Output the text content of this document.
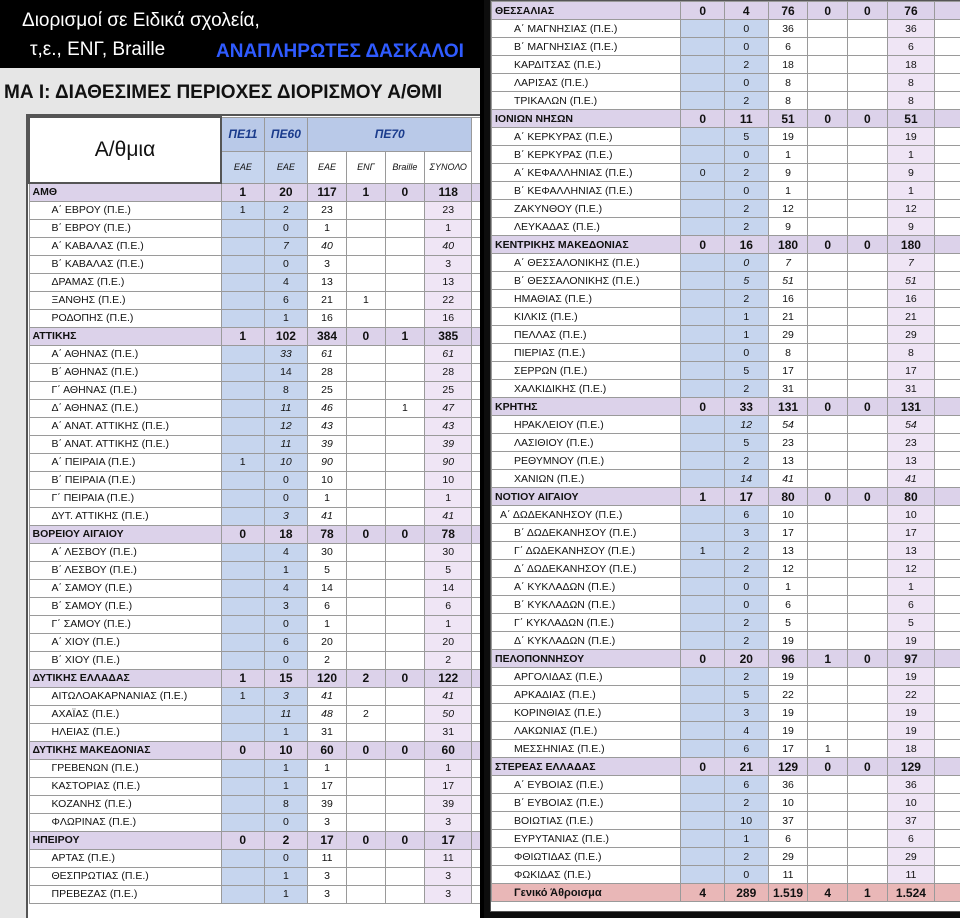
Διορισμοί σε Ειδικά σχολεία,
τ,ε., ΕΝΓ, Braille	ΑΝΑΠΛΗΡΩΤΕΣ ΔΑΣΚΑΛΟΙ
ΜΑ Ι: ΔΙΑΘΕΣΙΜΕΣ ΠΕΡΙΟΧΕΣ ΔΙΟΡΙΣΜΟΥ Α/ΘΜΙ
Α/θμια	ΠΕ11	ΠΕ60	ΠΕ70				
	ΕΑΕ	ΕΑΕ	ΕΑΕ	ΕΝΓ	Braille	ΣΥΝΟΛΟ	
ΑΜΘ	1	20	117	1	0	118	
Α΄ ΕΒΡΟΥ (Π.Ε.)	1	2	23			23	
Β΄ ΕΒΡΟΥ (Π.Ε.)		0	1			1	
Α΄ ΚΑΒΑΛΑΣ (Π.Ε.)		7	40			40	
Β΄ ΚΑΒΑΛΑΣ (Π.Ε.)		0	3			3	
ΔΡΑΜΑΣ (Π.Ε.)		4	13			13	
ΞΑΝΘΗΣ (Π.Ε.)		6	21	1		22	
ΡΟΔΟΠΗΣ (Π.Ε.)		1	16			16	
ΑΤΤΙΚΗΣ	1	102	384	0	1	385	
Α΄ ΑΘΗΝΑΣ (Π.Ε.)		33	61			61	
Β΄ ΑΘΗΝΑΣ (Π.Ε.)		14	28			28	
Γ΄ ΑΘΗΝΑΣ (Π.Ε.)		8	25			25	
Δ΄ ΑΘΗΝΑΣ (Π.Ε.)		11	46		1	47	
Α΄ ΑΝΑΤ. ΑΤΤΙΚΗΣ (Π.Ε.)		12	43			43	
Β΄ ΑΝΑΤ. ΑΤΤΙΚΗΣ (Π.Ε.)		11	39			39	
Α΄ ΠΕΙΡΑΙΑ (Π.Ε.)	1	10	90			90	
Β΄ ΠΕΙΡΑΙΑ (Π.Ε.)		0	10			10	
Γ΄ ΠΕΙΡΑΙΑ (Π.Ε.)		0	1			1	
ΔΥΤ. ΑΤΤΙΚΗΣ (Π.Ε.)		3	41			41	
ΒΟΡΕΙΟΥ ΑΙΓΑΙΟΥ	0	18	78	0	0	78	
Α΄ ΛΕΣΒΟΥ (Π.Ε.)		4	30			30	
Β΄ ΛΕΣΒΟΥ (Π.Ε.)		1	5			5	
Α΄ ΣΑΜΟΥ (Π.Ε.)		4	14			14	
Β΄ ΣΑΜΟΥ (Π.Ε.)		3	6			6	
Γ΄ ΣΑΜΟΥ (Π.Ε.)		0	1			1	
Α΄ ΧΙΟΥ (Π.Ε.)		6	20			20	
Β΄ ΧΙΟΥ (Π.Ε.)		0	2			2	
ΔΥΤΙΚΗΣ ΕΛΛΑΔΑΣ	1	15	120	2	0	122	
ΑΙΤΩΛΟΑΚΑΡΝΑΝΙΑΣ (Π.Ε.)	1	3	41			41	
ΑΧΑΪΑΣ (Π.Ε.)		11	48	2		50	
ΗΛΕΙΑΣ (Π.Ε.)		1	31			31	
ΔΥΤΙΚΗΣ ΜΑΚΕΔΟΝΙΑΣ	0	10	60	0	0	60	
ΓΡΕΒΕΝΩΝ (Π.Ε.)		1	1			1	
ΚΑΣΤΟΡΙΑΣ (Π.Ε.)		1	17			17	
ΚΟΖΑΝΗΣ (Π.Ε.)		8	39			39	
ΦΛΩΡΙΝΑΣ (Π.Ε.)		0	3			3	
ΗΠΕΙΡΟΥ	0	2	17	0	0	17	
ΑΡΤΑΣ (Π.Ε.)		0	11			11	
ΘΕΣΠΡΩΤΙΑΣ (Π.Ε.)		1	3			3	
ΠΡΕΒΕΖΑΣ (Π.Ε.)		1	3			3	
ΘΕΣΣΑΛΙΑΣ	0	4	76	0	0	76	
Α΄ ΜΑΓΝΗΣΙΑΣ (Π.Ε.)		0	36			36	
Β΄ ΜΑΓΝΗΣΙΑΣ (Π.Ε.)		0	6			6	
ΚΑΡΔΙΤΣΑΣ (Π.Ε.)		2	18			18	
ΛΑΡΙΣΑΣ (Π.Ε.)		0	8			8	
ΤΡΙΚΑΛΩΝ (Π.Ε.)		2	8			8	
ΙΟΝΙΩΝ ΝΗΣΩΝ	0	11	51	0	0	51	
Α΄ ΚΕΡΚΥΡΑΣ (Π.Ε.)		5	19			19	
Β΄ ΚΕΡΚΥΡΑΣ (Π.Ε.)		0	1			1	
Α΄ ΚΕΦΑΛΛΗΝΙΑΣ (Π.Ε.)	0	2	9			9	
Β΄ ΚΕΦΑΛΛΗΝΙΑΣ (Π.Ε.)		0	1			1	
ΖΑΚΥΝΘΟΥ (Π.Ε.)		2	12			12	
ΛΕΥΚΑΔΑΣ (Π.Ε.)		2	9			9	
ΚΕΝΤΡΙΚΗΣ ΜΑΚΕΔΟΝΙΑΣ	0	16	180	0	0	180	
Α΄ ΘΕΣΣΑΛΟΝΙΚΗΣ (Π.Ε.)		0	7			7	
Β΄ ΘΕΣΣΑΛΟΝΙΚΗΣ (Π.Ε.)		5	51			51	
ΗΜΑΘΙΑΣ (Π.Ε.)		2	16			16	
ΚΙΛΚΙΣ (Π.Ε.)		1	21			21	
ΠΕΛΛΑΣ (Π.Ε.)		1	29			29	
ΠΙΕΡΙΑΣ (Π.Ε.)		0	8			8	
ΣΕΡΡΩΝ (Π.Ε.)		5	17			17	
ΧΑΛΚΙΔΙΚΗΣ (Π.Ε.)		2	31			31	
ΚΡΗΤΗΣ	0	33	131	0	0	131	
ΗΡΑΚΛΕΙΟΥ (Π.Ε.)		12	54			54	
ΛΑΣΙΘΙΟΥ (Π.Ε.)		5	23			23	
ΡΕΘΥΜΝΟΥ (Π.Ε.)		2	13			13	
ΧΑΝΙΩΝ (Π.Ε.)		14	41			41	
ΝΟΤΙΟΥ ΑΙΓΑΙΟΥ	1	17	80	0	0	80	
Α΄ ΔΩΔΕΚΑΝΗΣΟΥ (Π.Ε.)		6	10			10	
Β΄ ΔΩΔΕΚΑΝΗΣΟΥ (Π.Ε.)		3	17			17	
Γ΄ ΔΩΔΕΚΑΝΗΣΟΥ (Π.Ε.)	1	2	13			13	
Δ΄ ΔΩΔΕΚΑΝΗΣΟΥ (Π.Ε.)		2	12			12	
Α΄ ΚΥΚΛΑΔΩΝ (Π.Ε.)		0	1			1	
Β΄ ΚΥΚΛΑΔΩΝ (Π.Ε.)		0	6			6	
Γ΄ ΚΥΚΛΑΔΩΝ (Π.Ε.)		2	5			5	
Δ΄ ΚΥΚΛΑΔΩΝ (Π.Ε.)		2	19			19	
ΠΕΛΟΠΟΝΝΗΣΟΥ	0	20	96	1	0	97	
ΑΡΓΟΛΙΔΑΣ (Π.Ε.)		2	19			19	
ΑΡΚΑΔΙΑΣ (Π.Ε.)		5	22			22	
ΚΟΡΙΝΘΙΑΣ (Π.Ε.)		3	19			19	
ΛΑΚΩΝΙΑΣ (Π.Ε.)		4	19			19	
ΜΕΣΣΗΝΙΑΣ (Π.Ε.)		6	17	1		18	
ΣΤΕΡΕΑΣ ΕΛΛΑΔΑΣ	0	21	129	0	0	129	
Α΄ ΕΥΒΟΙΑΣ (Π.Ε.)		6	36			36	
Β΄ ΕΥΒΟΙΑΣ (Π.Ε.)		2	10			10	
ΒΟΙΩΤΙΑΣ (Π.Ε.)		10	37			37	
ΕΥΡΥΤΑΝΙΑΣ (Π.Ε.)		1	6			6	
ΦΘΙΩΤΙΔΑΣ (Π.Ε.)		2	29			29	
ΦΩΚΙΔΑΣ (Π.Ε.)		0	11			11	
Γενικό Άθροισμα	4	289	1.519	4	1	1.524	
